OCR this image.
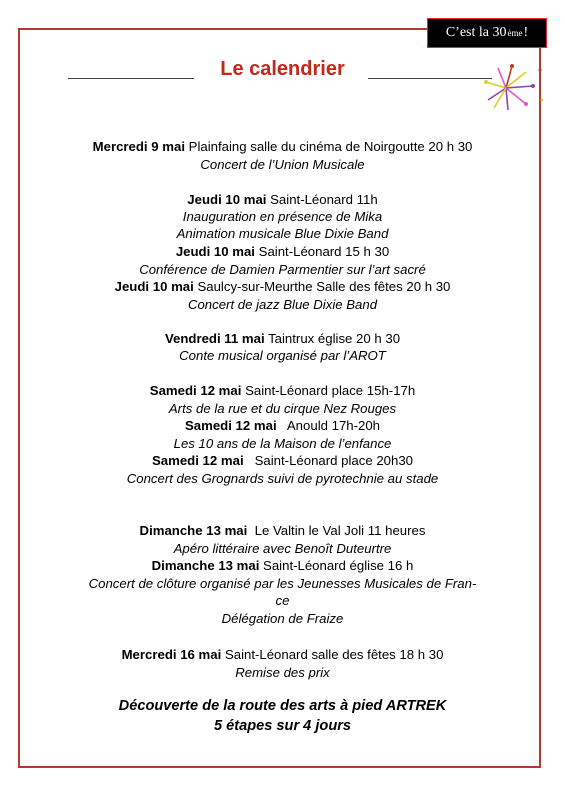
C’est la 30 ème !
Le calendrier
Mercredi 9 mai Plainfaing salle du cinéma de Noirgoutte 20 h 30
Concert de l’Union Musicale
Jeudi 10 mai Saint-Léonard 11h
Inauguration en présence de Mika
Animation musicale Blue Dixie Band
Jeudi 10 mai Saint-Léonard 15 h 30
Conférence de Damien Parmentier sur l’art sacré
Jeudi 10 mai Saulcy-sur-Meurthe Salle des fêtes 20 h 30
Concert de jazz Blue Dixie Band
Vendredi 11 mai Taintrux église 20 h 30
Conte musical organisé par l’AROT
Samedi 12 mai Saint-Léonard place 15h-17h
Arts de la rue et du cirque Nez Rouges
Samedi 12 mai Anould 17h-20h
Les 10 ans de la Maison de l’enfance
Samedi 12 mai Saint-Léonard place 20h30
Concert des Grognards suivi de pyrotechnie au stade
Dimanche 13 mai Le Valtin le Val Joli 11 heures
Apéro littéraire avec Benoît Duteurtre
Dimanche 13 mai Saint-Léonard église 16 h
Concert de clôture organisé par les Jeunesses Musicales de Fran-
ce
Délégation de Fraize
Mercredi 16 mai Saint-Léonard salle des fêtes 18 h 30
Remise des prix
Découverte de la route des arts à pied ARTREK
5 étapes sur 4 jours
